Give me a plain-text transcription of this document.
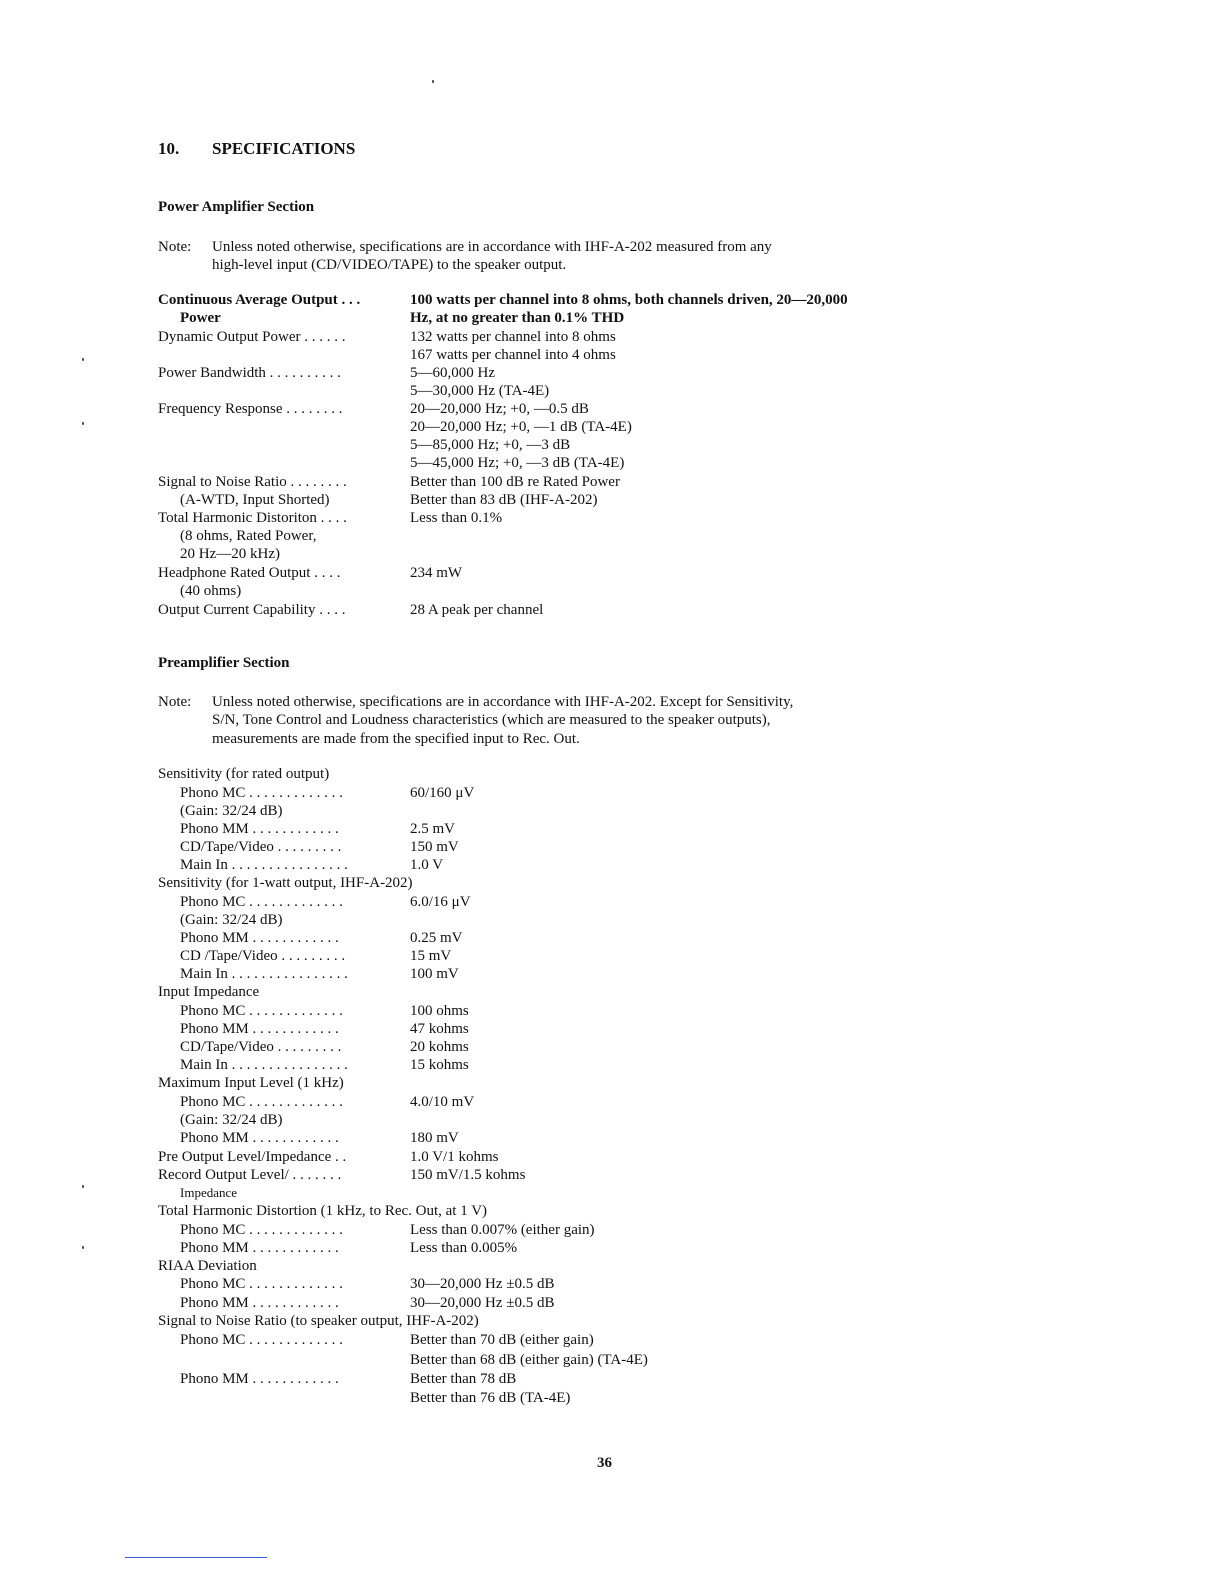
10. SPECIFICATIONS
Power Amplifier Section
Note: Unless noted otherwise, specifications are in accordance with IHF-A-202 measured from any
high-level input (CD/VIDEO/TAPE) to the speaker output.
Continuous Average Output . . .	100 watts per channel into 8 ohms, both channels driven, 20—20,000
Power	Hz, at no greater than 0.1% THD
Dynamic Output Power . . . . . .	132 watts per channel into 8 ohms
167 watts per channel into 4 ohms
Power Bandwidth . . . . . . . . . .	5—60,000 Hz
5—30,000 Hz (TA-4E)
Frequency Response . . . . . . . .	20—20,000 Hz; +0, —0.5 dB
20—20,000 Hz; +0, —1 dB (TA-4E)
5—85,000 Hz; +0, —3 dB
5—45,000 Hz; +0, —3 dB (TA-4E)
Signal to Noise Ratio . . . . . . . .	Better than 100 dB re Rated Power
(A-WTD, Input Shorted)	Better than 83 dB (IHF-A-202)
Total Harmonic Distoriton . . . .	Less than 0.1%
(8 ohms, Rated Power,
20 Hz—20 kHz)
Headphone Rated Output . . . .	234 mW
(40 ohms)
Output Current Capability . . . .	28 A peak per channel
Preamplifier Section
Note: Unless noted otherwise, specifications are in accordance with IHF-A-202. Except for Sensitivity,
S/N, Tone Control and Loudness characteristics (which are measured to the speaker outputs),
measurements are made from the specified input to Rec. Out.
Sensitivity (for rated output)
Phono MC . . . . . . . . . . . . .	60/160 μV
(Gain: 32/24 dB)
Phono MM . . . . . . . . . . . .	2.5 mV
CD/Tape/Video . . . . . . . . .	150 mV
Main In . . . . . . . . . . . . . . . .	1.0 V
Sensitivity (for 1-watt output, IHF-A-202)
Phono MC . . . . . . . . . . . . .	6.0/16 μV
(Gain: 32/24 dB)
Phono MM . . . . . . . . . . . .	0.25 mV
CD /Tape/Video . . . . . . . . .	15 mV
Main In . . . . . . . . . . . . . . . .	100 mV
Input Impedance
Phono MC . . . . . . . . . . . . .	100 ohms
Phono MM . . . . . . . . . . . .	47 kohms
CD/Tape/Video . . . . . . . . .	20 kohms
Main In . . . . . . . . . . . . . . . .	15 kohms
Maximum Input Level (1 kHz)
Phono MC . . . . . . . . . . . . .	4.0/10 mV
(Gain: 32/24 dB)
Phono MM . . . . . . . . . . . .	180 mV
Pre Output Level/Impedance . .	1.0 V/1 kohms
Record Output Level/ . . . . . . .	150 mV/1.5 kohms
Impedance
Total Harmonic Distortion (1 kHz, to Rec. Out, at 1 V)
Phono MC . . . . . . . . . . . . .	Less than 0.007% (either gain)
Phono MM . . . . . . . . . . . .	Less than 0.005%
RIAA Deviation
Phono MC . . . . . . . . . . . . .	30—20,000 Hz ±0.5 dB
Phono MM . . . . . . . . . . . .	30—20,000 Hz ±0.5 dB
Signal to Noise Ratio (to speaker output, IHF-A-202)
Phono MC . . . . . . . . . . . . .	Better than 70 dB (either gain)
Better than 68 dB (either gain) (TA-4E)
Phono MM . . . . . . . . . . . .	Better than 78 dB
Better than 76 dB (TA-4E)
36
